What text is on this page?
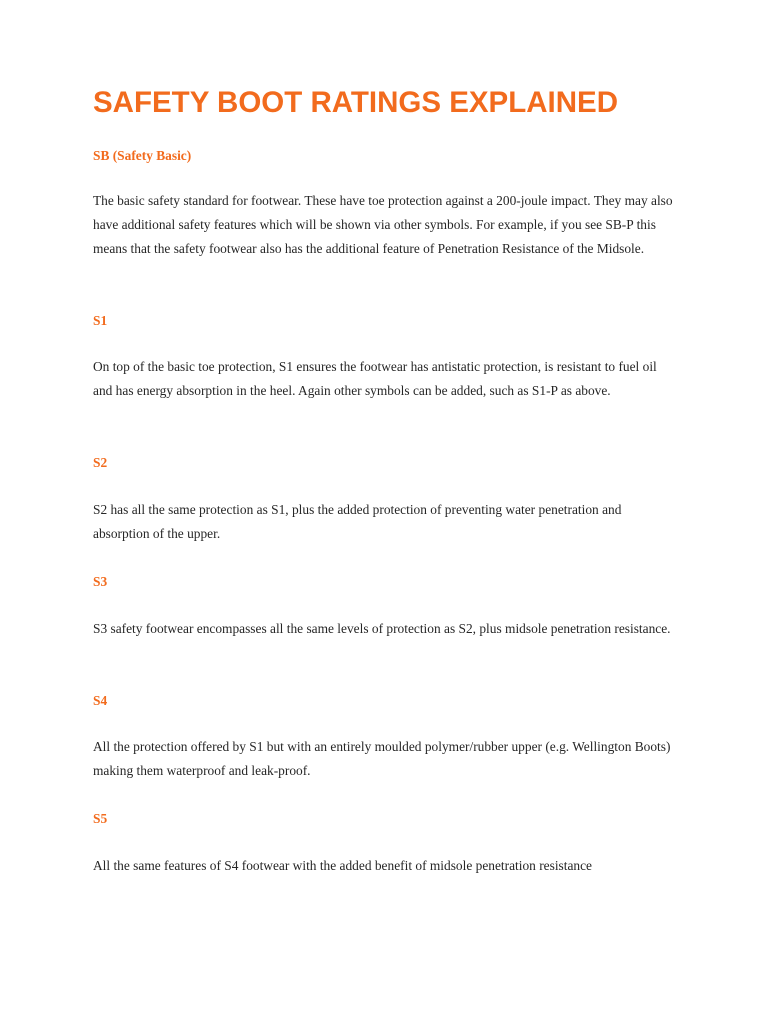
SAFETY BOOT RATINGS EXPLAINED
SB (Safety Basic)

The basic safety standard for footwear. These have toe protection against a 200-joule impact. They may also have additional safety features which will be shown via other symbols. For example, if you see SB-P this means that the safety footwear also has the additional feature of Penetration Resistance of the Midsole.

S1

On top of the basic toe protection, S1 ensures the footwear has antistatic protection, is resistant to fuel oil and has energy absorption in the heel. Again other symbols can be added, such as S1-P as above.

S2

S2 has all the same protection as S1, plus the added protection of preventing water penetration and absorption of the upper.

S3

S3 safety footwear encompasses all the same levels of protection as S2, plus midsole penetration resistance.

S4

All the protection offered by S1 but with an entirely moulded polymer/rubber upper (e.g. Wellington Boots) making them waterproof and leak-proof.

S5

All the same features of S4 footwear with the added benefit of midsole penetration resistance
